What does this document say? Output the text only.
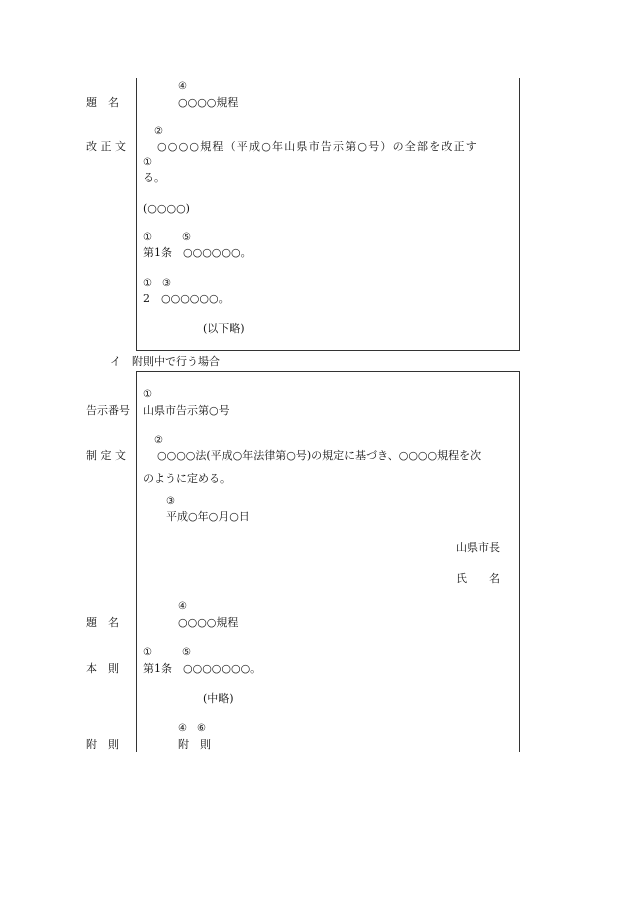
題　名
④
○○○○規程
改 正 文
②
○○○○規程（平成○年山県市告示第○号）の全部を改正す
①
る。
(○○○○)
①　　　⑤
第1条　○○○○○○。
①　③
2　○○○○○○。
(以下略)
イ　附則中で行う場合
告示番号
①
山県市告示第○号
制 定 文
②
○○○○法(平成○年法律第○号)の規定に基づき、○○○○規程を次
のように定める。
③
平成○年○月○日
山県市長
氏　　名
題　名
④
○○○○規程
本　則
①　　　⑤
第1条　○○○○○○○。
(中略)
附　則
④　⑥
附　則
